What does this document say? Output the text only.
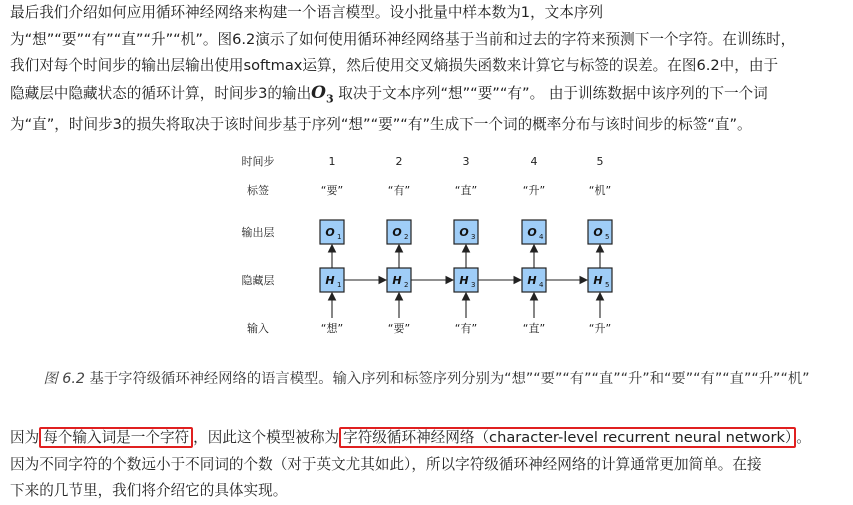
最后我们介绍如何应用循环神经网络来构建一个语言模型。设小批量中样本数为1，文本序列
为“想”“要”“有”“直”“升”“机”。图6.2演示了如何使用循环神经网络基于当前和过去的字符来预测下一个字符。在训练时，
我们对每个时间步的输出层输出使用softmax运算，然后使用交叉熵损失函数来计算它与标签的误差。在图6.2中，由于
隐藏层中隐藏状态的循环计算，时间步3的输出$O_3$ 取决于文本序列“想”“要”“有”。 由于训练数据中该序列的下一个词
为“直”，时间步3的损失将取决于该时间步基于序列“想”“要”“有”生成下一个词的概率分布与该时间步的标签“直”。
时间步
标签
输出层
隐藏层
输入
1
“要”
“想”
O 1
H 1
2
“有”
“要”
O 2
H 2
3
“直”
“有”
O 3
H 3
4
“升”
“直”
O 4
H 4
5
“机”
“升”
O 5
H 5
图 6.2 基于字符级循环神经网络的语言模型。输入序列和标签序列分别为“想”“要”“有”“直”“升”和“要”“有”“直”“升”“机”
因为 每个输入词是一个字符 ，因此这个模型被称为 字符级循环神经网络（character-level recurrent neural network） 。
因为不同字符的个数远小于不同词的个数（对于英文尤其如此），所以字符级循环神经网络的计算通常更加简单。在接
下来的几节里，我们将介绍它的具体实现。
